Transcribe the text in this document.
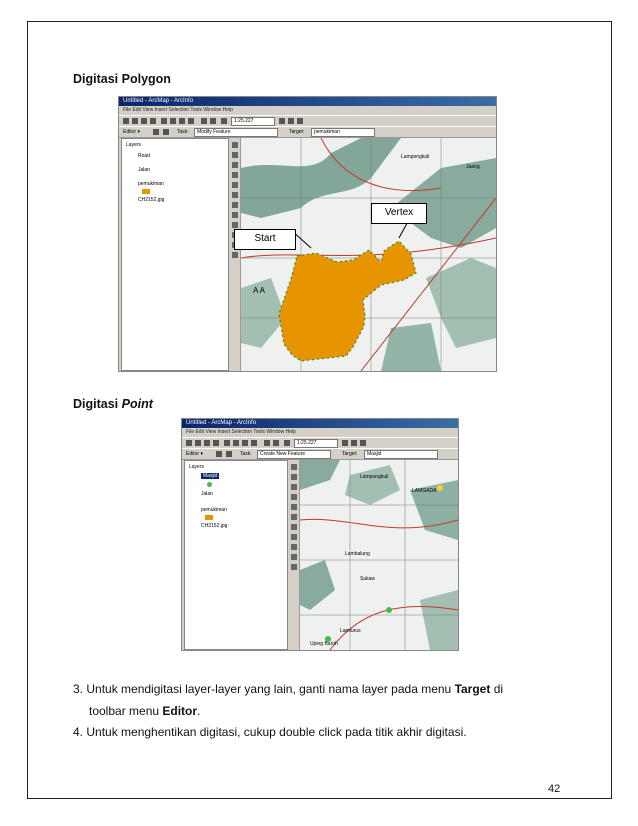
Digitasi Polygon
Untitled - ArcMap - ArcInfo
File Edit View Insert Selection Tools Window Help
1:25.227
Editor ▾	Task:	Modify Feature	Target:	pemukiman
Layers
Road
Jalan
pemukiman
CH2152.jpg
Lampongkuli
Jaang
A A
Vertex
Start
Digitasi Point
Untitled - ArcMap - ArcInfo
File Edit View Insert Selection Tools Window Help
1:25.227
Editor ▾	Task:	Create New Feature	Target:	Masjid
Layers
Masjid
Jalan
pemukiman
CH2152.jpg
Lampongkuli
LAMGADA
Lambalung
Sukaw
Lamlurus
Ujong Baroh
3. Untuk mendigitasi layer-layer yang lain, ganti nama layer pada menu Target di
toolbar menu Editor.
4. Untuk menghentikan digitasi, cukup double click pada titik akhir digitasi.
42
